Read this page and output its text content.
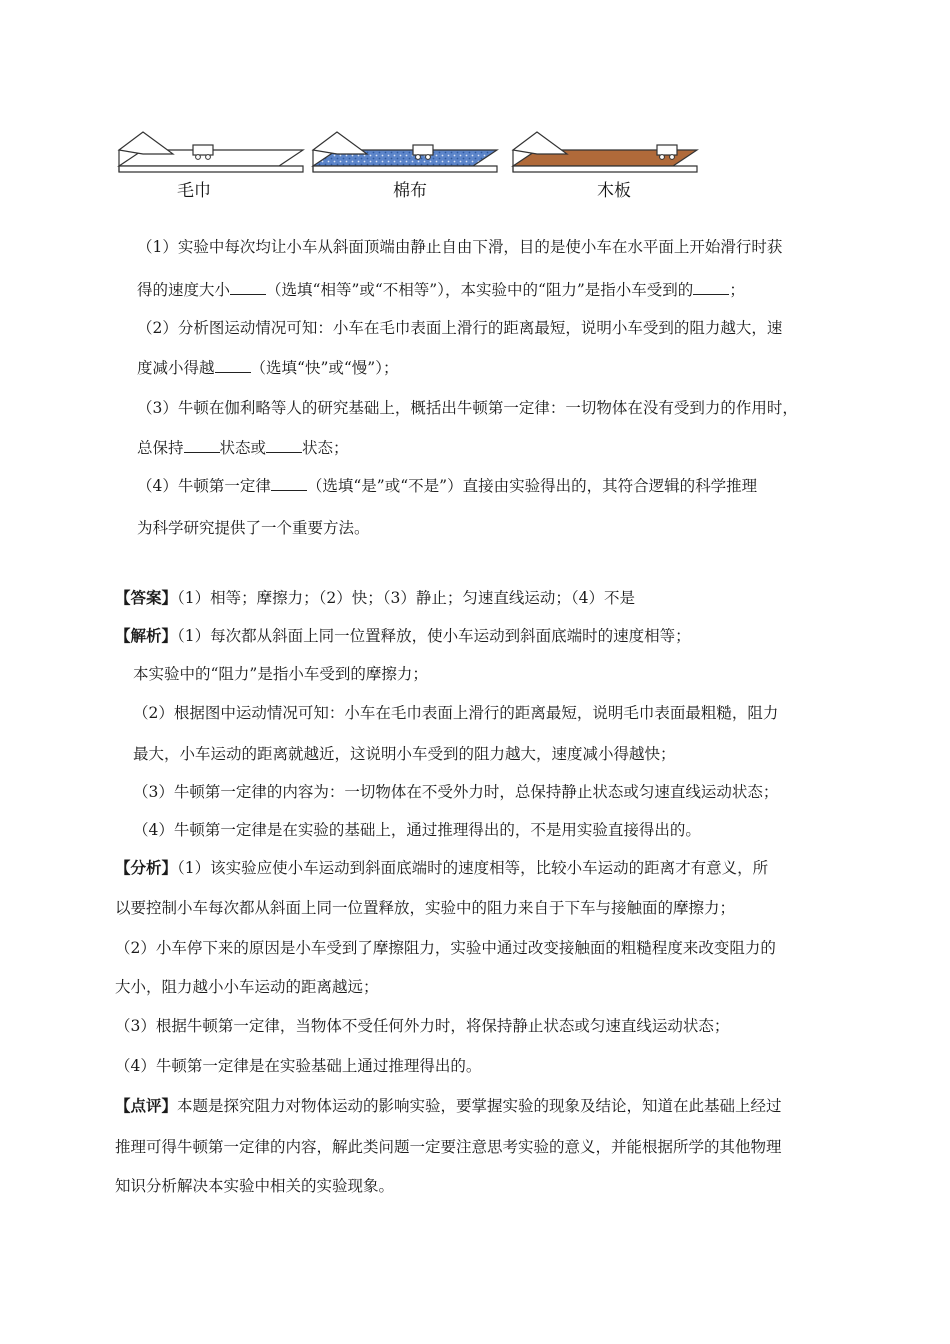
毛巾	棉布	木板
（1）实验中每次均让小车从斜面顶端由静止自由下滑，目的是使小车在水平面上开始滑行时获
得的速度大小 （选填“相等”或“不相等”），本实验中的“阻力”是指小车受到的 ；
（2）分析图运动情况可知：小车在毛巾表面上滑行的距离最短，说明小车受到的阻力越大，速
度减小得越 （选填“快”或“慢”）；
（3）牛顿在伽利略等人的研究基础上，概括出牛顿第一定律：一切物体在没有受到力的作用时，
总保持 状态或 状态；
（4）牛顿第一定律 （选填“是”或“不是”）直接由实验得出的，其符合逻辑的科学推理
为科学研究提供了一个重要方法。
【答案】（1）相等；摩擦力；（2）快；（3）静止；匀速直线运动；（4）不是
【解析】（1）每次都从斜面上同一位置释放，使小车运动到斜面底端时的速度相等；
本实验中的“阻力”是指小车受到的摩擦力；
（2）根据图中运动情况可知：小车在毛巾表面上滑行的距离最短，说明毛巾表面最粗糙，阻力
最大，小车运动的距离就越近，这说明小车受到的阻力越大，速度减小得越快；
（3）牛顿第一定律的内容为：一切物体在不受外力时，总保持静止状态或匀速直线运动状态；
（4）牛顿第一定律是在实验的基础上，通过推理得出的，不是用实验直接得出的。
【分析】（1）该实验应使小车运动到斜面底端时的速度相等，比较小车运动的距离才有意义，所
以要控制小车每次都从斜面上同一位置释放，实验中的阻力来自于下车与接触面的摩擦力；
（2）小车停下来的原因是小车受到了摩擦阻力，实验中通过改变接触面的粗糙程度来改变阻力的
大小，阻力越小小车运动的距离越远；
（3）根据牛顿第一定律，当物体不受任何外力时，将保持静止状态或匀速直线运动状态；
（4）牛顿第一定律是在实验基础上通过推理得出的。
【点评】本题是探究阻力对物体运动的影响实验，要掌握实验的现象及结论，知道在此基础上经过
推理可得牛顿第一定律的内容，解此类问题一定要注意思考实验的意义，并能根据所学的其他物理
知识分析解决本实验中相关的实验现象。
